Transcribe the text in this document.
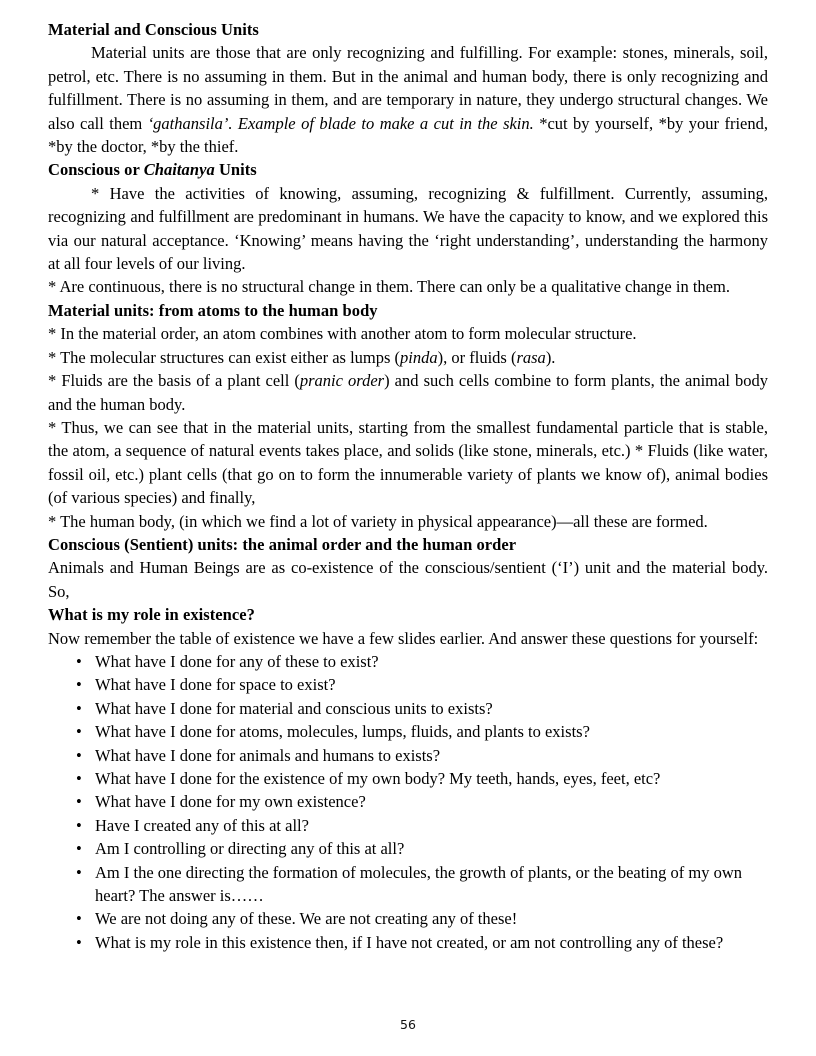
Material and Conscious Units

Material units are those that are only recognizing and fulfilling. For example: stones, minerals, soil, petrol, etc. There is no assuming in them. But in the animal and human body, there is only recognizing and fulfillment. There is no assuming in them, and are temporary in nature, they undergo structural changes. We also call them ‘gathansila’. Example of blade to make a cut in the skin. *cut by yourself, *by your friend, *by the doctor, *by the thief.

Conscious or Chaitanya Units

* Have the activities of knowing, assuming, recognizing & fulfillment. Currently, assuming, recognizing and fulfillment are predominant in humans. We have the capacity to know, and we explored this via our natural acceptance. ‘Knowing’ means having the ‘right understanding’, understanding the harmony at all four levels of our living.

* Are continuous, there is no structural change in them. There can only be a qualitative change in them.

Material units: from atoms to the human body

* In the material order, an atom combines with another atom to form molecular structure.

* The molecular structures can exist either as lumps (pinda), or fluids (rasa).

* Fluids are the basis of a plant cell (pranic order) and such cells combine to form plants, the animal body and the human body.

* Thus, we can see that in the material units, starting from the smallest fundamental particle that is stable, the atom, a sequence of natural events takes place, and solids (like stone, minerals, etc.) * Fluids (like water, fossil oil, etc.) plant cells (that go on to form the innumerable variety of plants we know of), animal bodies (of various species) and finally,

* The human body, (in which we find a lot of variety in physical appearance)—all these are formed.

Conscious (Sentient) units: the animal order and the human order

Animals and Human Beings are as co-existence of the conscious/sentient (‘I’) unit and the material body. So,

What is my role in existence?

Now remember the table of existence we have a few slides earlier. And answer these questions for yourself:

• What have I done for any of these to exist?
• What have I done for space to exist?
• What have I done for material and conscious units to exists?
• What have I done for atoms, molecules, lumps, fluids, and plants to exists?
• What have I done for animals and humans to exists?
• What have I done for the existence of my own body? My teeth, hands, eyes, feet, etc?
• What have I done for my own existence?
• Have I created any of this at all?
• Am I controlling or directing any of this at all?
• Am I the one directing the formation of molecules, the growth of plants, or the beating of my own heart? The answer is……
• We are not doing any of these. We are not creating any of these!
• What is my role in this existence then, if I have not created, or am not controlling any of these?
56
